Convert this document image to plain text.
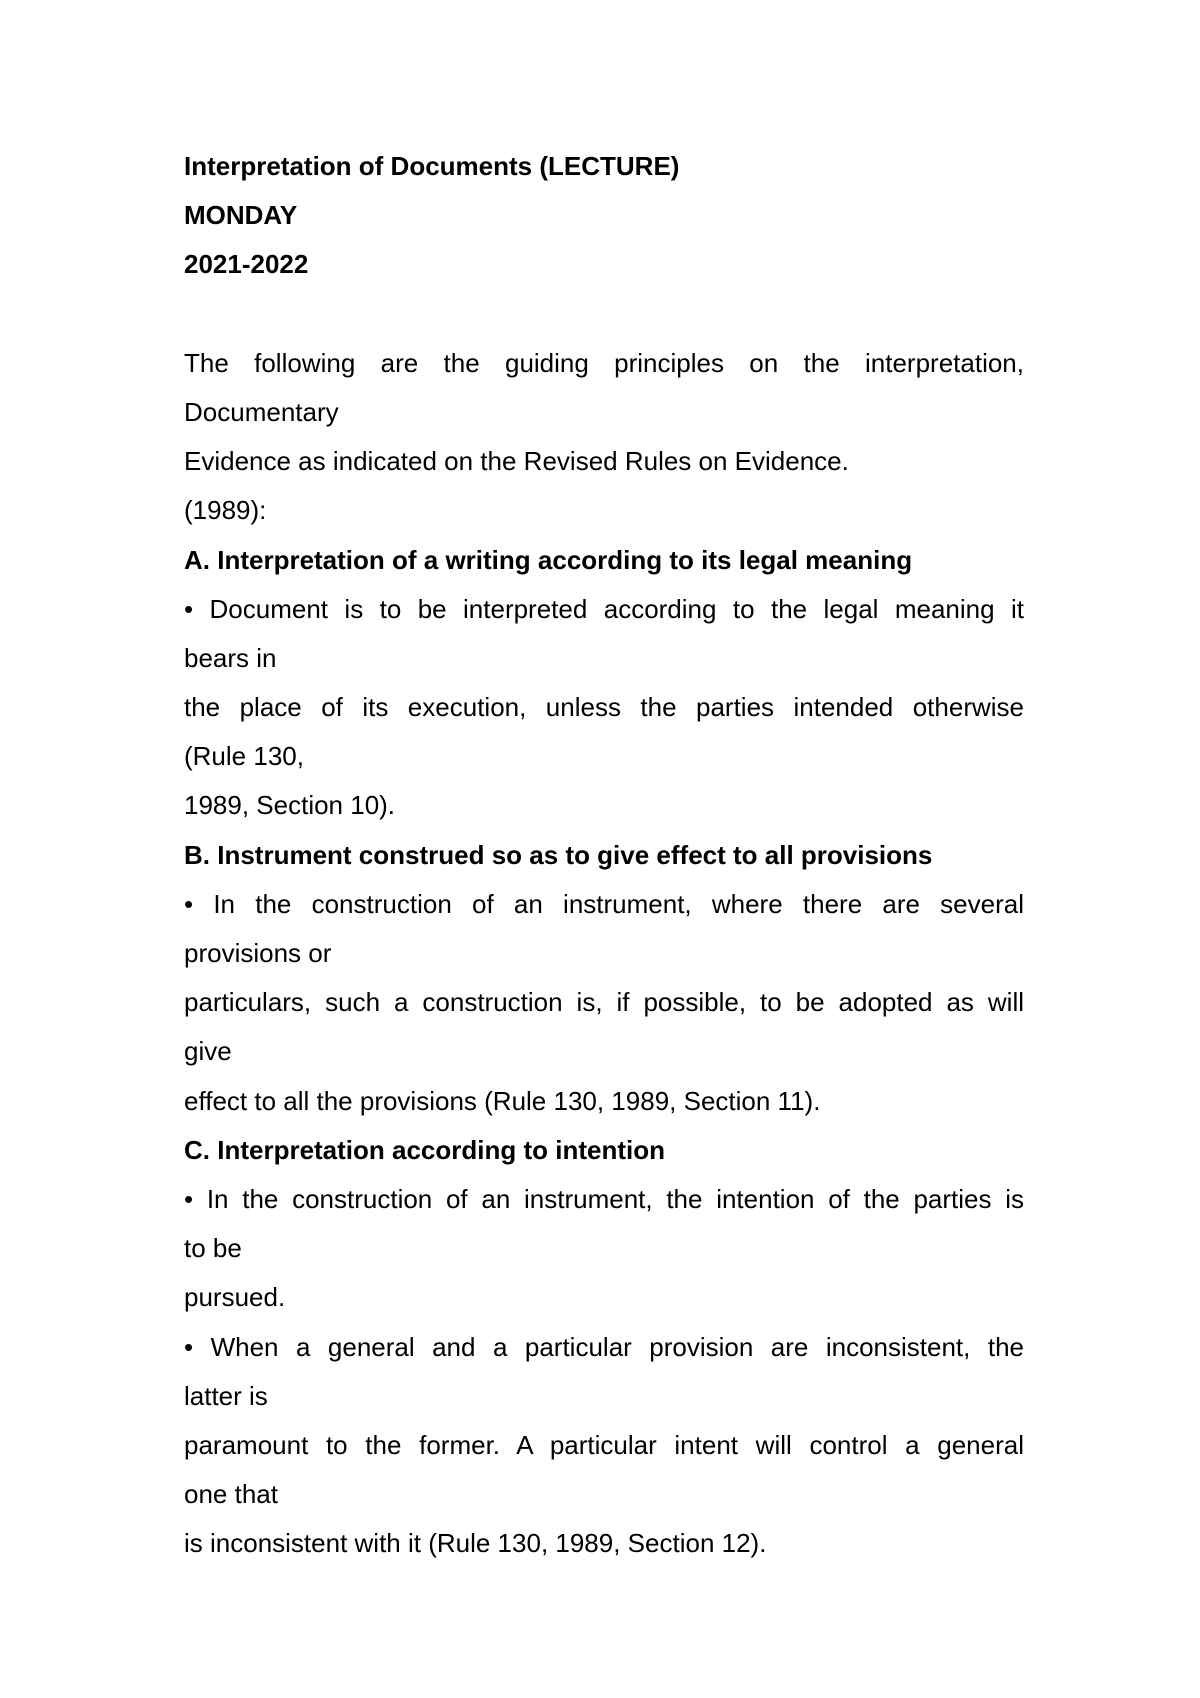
Interpretation of Documents (LECTURE)

MONDAY

2021-2022

The following are the guiding principles on the interpretation,

Documentary

Evidence as indicated on the Revised Rules on Evidence.

(1989):

A. Interpretation of a writing according to its legal meaning

• Document is to be interpreted according to the legal meaning it

bears in

the place of its execution, unless the parties intended otherwise

(Rule 130,

1989, Section 10).

B. Instrument construed so as to give effect to all provisions

• In the construction of an instrument, where there are several

provisions or

particulars, such a construction is, if possible, to be adopted as will

give

effect to all the provisions (Rule 130, 1989, Section 11).

C. Interpretation according to intention

• In the construction of an instrument, the intention of the parties is

to be

pursued.

• When a general and a particular provision are inconsistent, the

latter is

paramount to the former. A particular intent will control a general

one that

is inconsistent with it (Rule 130, 1989, Section 12).
